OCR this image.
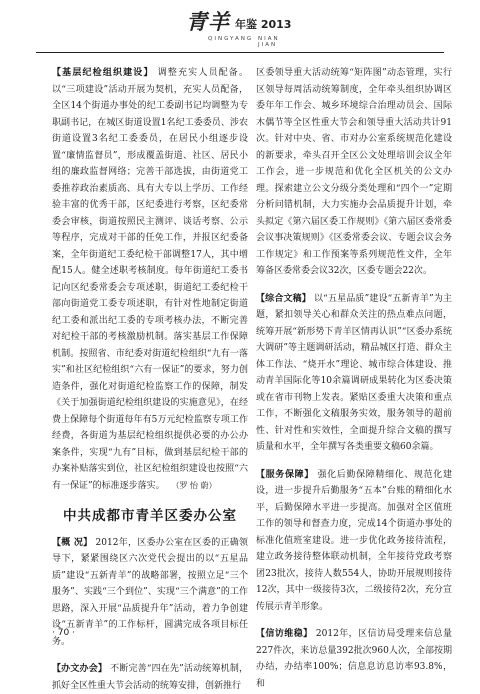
青羊 年鉴 2013
QINGYANG NIAN JIAN

【基层纪检组织建设】 调整充实人员配备。以“三项建设”活动开展为契机，充实人员配备，全区14个街道办事处的纪工委副书记均调整为专职副书记，在城区街道设置1名纪工委委员、涉农街道设置3名纪工委委员，在居民小组逐步设置“廉情监督员”，形成覆盖街道、社区、居民小组的廉政监督网络；完善干部选拔，由街道党工委推荐政治素质高、具有大专以上学历、工作经验丰富的优秀干部，区纪委进行考察，区纪委常委会审核，街道按照民主测评、谈话考察、公示等程序，完成对干部的任免工作，并报区纪委备案，全年街道纪工委纪检干部调整17人，其中增配15人。健全述职考核制度。每年街道纪工委书记向区纪委常委会专项述职，街道纪工委纪检干部向街道党工委专项述职，有针对性地制定街道纪工委和派出纪工委的专项考核办法，不断完善对纪检干部的考核激励机制。落实基层工作保障机制。按照省、市纪委对街道纪检组织“九有一落实”和社区纪检组织“六有一保证”的要求，努力创造条件，强化对街道纪检监察工作的保障，制发《关于加强街道纪检组织建设的实施意见》，在经费上保障每个街道每年有5万元纪检监察专项工作经费，各街道为基层纪检组织提供必要的办公办案条件，实现“九有”目标，做到基层纪检干部的办案补贴落实到位，社区纪检组织建设也按照“六有一保证”的标准逐步落实。 （罗 怡 蔚）

中共成都市青羊区委办公室

【概 况】 2012年，区委办公室在区委的正确领导下，紧紧围绕区六次党代会提出的以“五星品质”建设“五新青羊”的战略部署，按照立足“三个服务”、实践“三个到位”、实现“三个满意”的工作思路，深入开展“品质提升年”活动，着力争创建设“五新青羊”的工作标杆，圆满完成各项目标任务。

【办文办会】 不断完善“四在先”活动统筹机制，抓好全区性重大节会活动的统筹安排，创新推行

区委领导重大活动统筹“矩阵图”动态管理，实行区领导每周活动统筹制度，全年牵头组织协调区委年年工作会、城乡环境综合治理动员会、国际木偶节等全区性重大节会和领导重大活动共计91次。针对中央、省、市对办公室系统规范化建设的新要求，牵头召开全区公文处理培训会议全年工作会，进一步规范和优化全区机关的公文办理。探索建立公文分级分类处理和“四个一”定期分析问错机制，大力实施办会品质提升计划，牵头拟定《第六届区委工作规则》《第六届区委常委会议事决策规则》《区委常委会议、专题会议会务工作规定》和工作预案等系列规范性文件，全年筹备区委常委会议32次，区委专题会22次。

【综合文稿】 以“五星品质”建设“五新青羊”为主题，紧扣领导关心和群众关注的热点难点问题，统筹开展“新形势下青羊区情再认识”“区委办系统大调研”等主题调研活动，精品城区打造、群众主体工作法、“烧开水”理论、城市综合体建设、推动青羊国际化等10余篇调研成果转化为区委决策或在省市刊物上发表。紧贴区委重大决策和重点工作，不断强化文稿服务实效，服务领导的超前性、针对性和实效性，全面提升综合文稿的撰写质量和水平，全年撰写各类重要文稿60余篇。

【服务保障】 强化后勤保障精细化、规范化建设，进一步提升后勤服务“五本”台账的精细化水平，后勤保障水平进一步提高。加强对全区值班工作的领导和督查力度，完成14个街道办事处的标准化值班室建设。进一步优化政务接待流程，建立政务接待整体联动机制，全年接待党政考察团23批次，接待人数554人，协助开展规则接待12次，其中一级接待3次，二级接待2次，充分宣传展示青羊形象。

【信访维稳】 2012年，区信访局受理来信总量227件次，来访总量392批次960人次，全部按期办结，办结率100%；信息息访息访率93.8%，和

· 70 ·
